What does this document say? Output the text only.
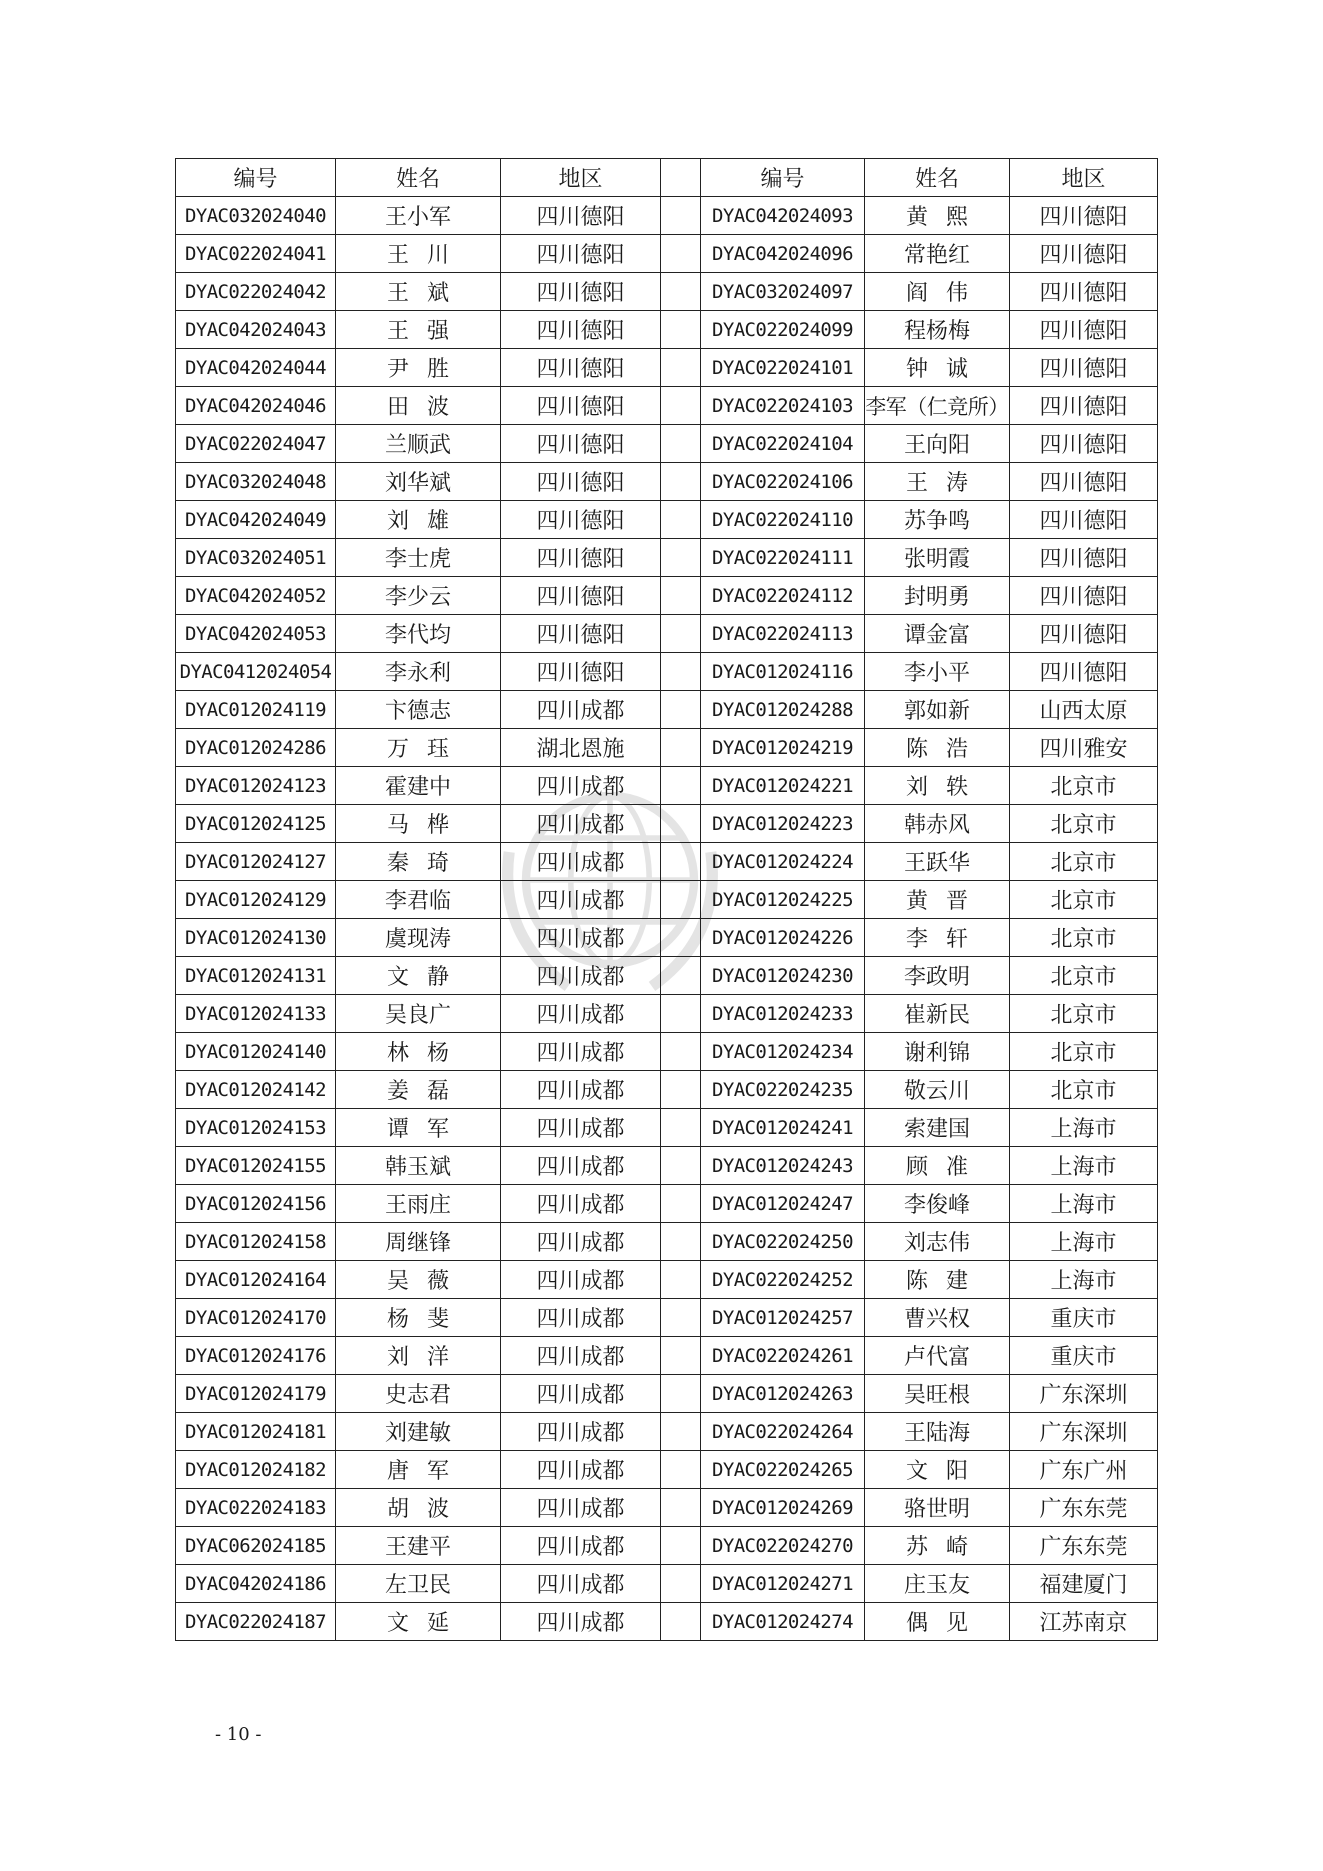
编号	姓名	地区		编号	姓名	地区
DYAC032024040	王小军	四川德阳		DYAC042024093	黄熙	四川德阳
DYAC022024041	王川	四川德阳		DYAC042024096	常艳红	四川德阳
DYAC022024042	王斌	四川德阳		DYAC032024097	阎伟	四川德阳
DYAC042024043	王强	四川德阳		DYAC022024099	程杨梅	四川德阳
DYAC042024044	尹胜	四川德阳		DYAC022024101	钟诚	四川德阳
DYAC042024046	田波	四川德阳		DYAC022024103	李军（仁竞所）	四川德阳
DYAC022024047	兰顺武	四川德阳		DYAC022024104	王向阳	四川德阳
DYAC032024048	刘华斌	四川德阳		DYAC022024106	王涛	四川德阳
DYAC042024049	刘雄	四川德阳		DYAC022024110	苏争鸣	四川德阳
DYAC032024051	李士虎	四川德阳		DYAC022024111	张明霞	四川德阳
DYAC042024052	李少云	四川德阳		DYAC022024112	封明勇	四川德阳
DYAC042024053	李代均	四川德阳		DYAC022024113	谭金富	四川德阳
DYAC0412024054	李永利	四川德阳		DYAC012024116	李小平	四川德阳
DYAC012024119	卞德志	四川成都		DYAC012024288	郭如新	山西太原
DYAC012024286	万珏	湖北恩施		DYAC012024219	陈浩	四川雅安
DYAC012024123	霍建中	四川成都		DYAC012024221	刘轶	北京市
DYAC012024125	马桦	四川成都		DYAC012024223	韩赤风	北京市
DYAC012024127	秦琦	四川成都		DYAC012024224	王跃华	北京市
DYAC012024129	李君临	四川成都		DYAC012024225	黄晋	北京市
DYAC012024130	虞现涛	四川成都		DYAC012024226	李轩	北京市
DYAC012024131	文静	四川成都		DYAC012024230	李政明	北京市
DYAC012024133	吴良广	四川成都		DYAC012024233	崔新民	北京市
DYAC012024140	林杨	四川成都		DYAC012024234	谢利锦	北京市
DYAC012024142	姜磊	四川成都		DYAC022024235	敬云川	北京市
DYAC012024153	谭军	四川成都		DYAC012024241	索建国	上海市
DYAC012024155	韩玉斌	四川成都		DYAC012024243	顾准	上海市
DYAC012024156	王雨庄	四川成都		DYAC012024247	李俊峰	上海市
DYAC012024158	周继锋	四川成都		DYAC022024250	刘志伟	上海市
DYAC012024164	吴薇	四川成都		DYAC022024252	陈建	上海市
DYAC012024170	杨斐	四川成都		DYAC012024257	曹兴权	重庆市
DYAC012024176	刘洋	四川成都		DYAC022024261	卢代富	重庆市
DYAC012024179	史志君	四川成都		DYAC012024263	吴旺根	广东深圳
DYAC012024181	刘建敏	四川成都		DYAC022024264	王陆海	广东深圳
DYAC012024182	唐军	四川成都		DYAC022024265	文阳	广东广州
DYAC022024183	胡波	四川成都		DYAC012024269	骆世明	广东东莞
DYAC062024185	王建平	四川成都		DYAC022024270	苏崎	广东东莞
DYAC042024186	左卫民	四川成都		DYAC012024271	庄玉友	福建厦门
DYAC022024187	文延	四川成都		DYAC012024274	偶见	江苏南京
- 10 -
